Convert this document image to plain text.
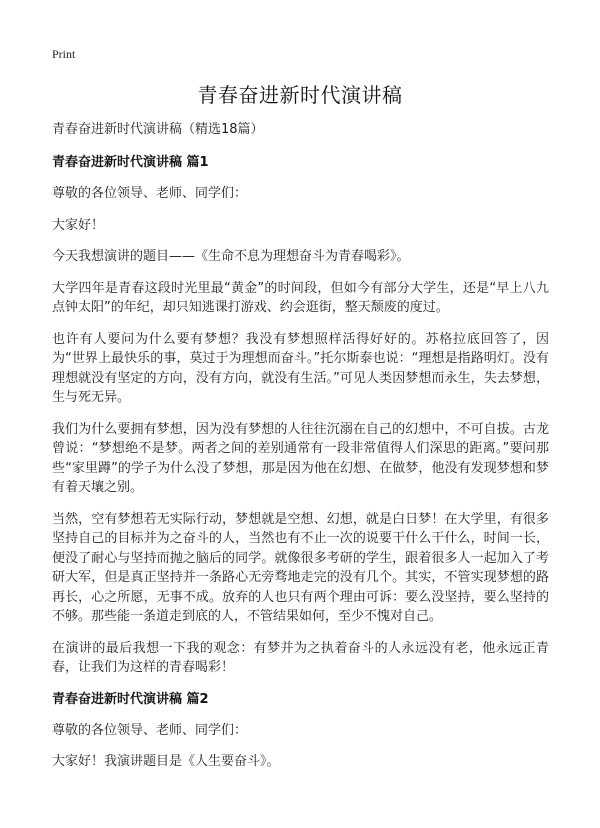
Print
青春奋进新时代演讲稿

青春奋进新时代演讲稿（精选18篇）

青春奋进新时代演讲稿 篇1

尊敬的各位领导、老师、同学们：

大家好！

今天我想演讲的题目——《生命不息为理想奋斗为青春喝彩》。

大学四年是青春这段时光里最“黄金”的时间段，但如今有部分大学生，还是“早上八九点钟太阳”的年纪，却只知逃课打游戏、约会逛街，整天颓废的度过。

也许有人要问为什么要有梦想？我没有梦想照样活得好好的。苏格拉底回答了，因为“世界上最快乐的事，莫过于为理想而奋斗。”托尔斯泰也说：“理想是指路明灯。没有理想就没有坚定的方向，没有方向，就没有生活。”可见人类因梦想而永生，失去梦想，生与死无异。

我们为什么要拥有梦想，因为没有梦想的人往往沉溺在自己的幻想中，不可自拔。古龙曾说：“梦想绝不是梦。两者之间的差别通常有一段非常值得人们深思的距离。”要问那些“家里蹲”的学子为什么没了梦想，那是因为他在幻想、在做梦，他没有发现梦想和梦有着天壤之别。

当然，空有梦想若无实际行动，梦想就是空想、幻想，就是白日梦！在大学里，有很多坚持自己的目标并为之奋斗的人，当然也有不止一次的说要干什么干什么，时间一长，便没了耐心与坚持而抛之脑后的同学。就像很多考研的学生，跟着很多人一起加入了考研大军，但是真正坚持并一条路心无旁骛地走完的没有几个。其实，不管实现梦想的路再长，心之所愿，无事不成。放弃的人也只有两个理由可诉：要么没坚持，要么坚持的不够。那些能一条道走到底的人，不管结果如何，至少不愧对自己。

在演讲的最后我想一下我的观念：有梦并为之执着奋斗的人永远没有老，他永远正青春，让我们为这样的青春喝彩！

青春奋进新时代演讲稿 篇2

尊敬的各位领导、老师、同学们：

大家好！我演讲题目是《人生要奋斗》。
